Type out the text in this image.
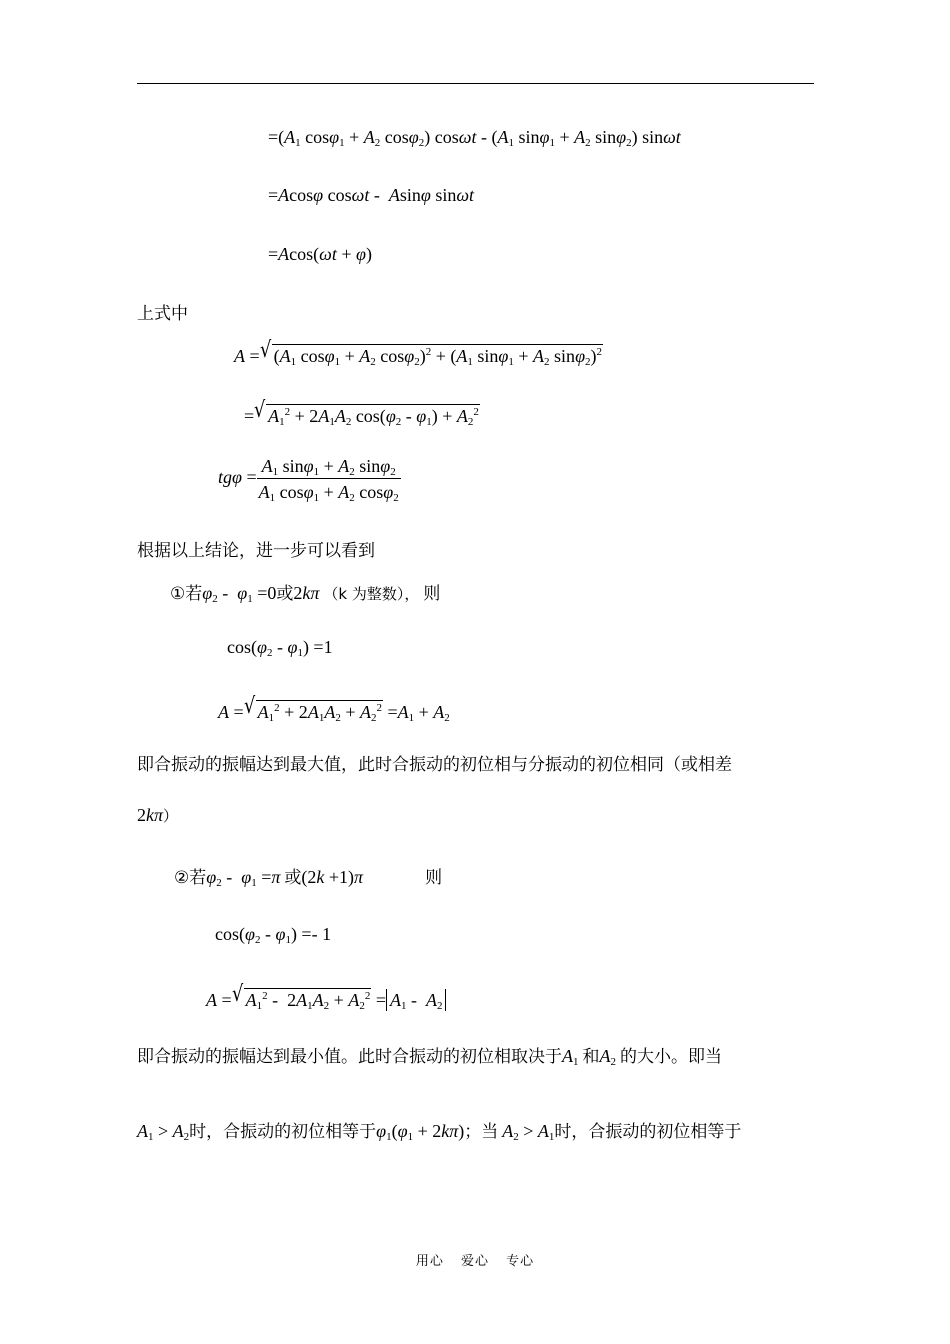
$=(A_1$ $\cos\varphi_1 + A_2$ cosφ$_2$) cosωt - ($A_1$ $\sin\varphi_1 + A_2$ sinφ$_2$) sinωt
=Acosφ cosωt -  Asinφ sinωt
=Acos(ωt + φ)
上式中
A = √ ($A_1$ $\cos\varphi_1 + A_2$ $\cos\varphi_2)^2 + (A_1$ $\sin\varphi_1 + A_2$ sinφ$_2$)$^2$
= √ $A_1^2 + 2A_1A_2$ $\cos(\varphi_2 - \varphi_1) + A_2^2$
$tg\varphi = \frac{A_1 \sin\varphi_1 + A_2 \sin\varphi_2}{A_1 \cos\varphi_1 + A_2 \cos\varphi_2}$
根据以上结论，进一步可以看到
①若$\varphi_2 - \varphi_1 =0$或2kπ （k 为整数）， 则
$\cos(\varphi_2 - \varphi_1) =1$
A = √ $A_1^2 + 2A_1A_2 + A_2^2 =A_1 + A_2$
即合振动的振幅达到最大值，此时合振动的初位相与分振动的初位相同（或相差
2kπ）
②若$\varphi_2 - \varphi_1 =\pi$ 或(2k +1)π	则
$\cos(\varphi_2 - \varphi_1) =- 1$
A = √ $A_1^2 - 2A_1A_2 + A_2^2 = A_1 - A_2$
即合振动的振幅达到最小值。此时合振动的初位相取决于$A_1$ 和$A_2$ 的大小。即当
$A_1 > A_2$时，合振动的初位相等于$\varphi_1(\varphi_1 + 2k\pi)$；当 $A_2 > A_1$时，合振动的初位相等于
用心 爱心 专心
